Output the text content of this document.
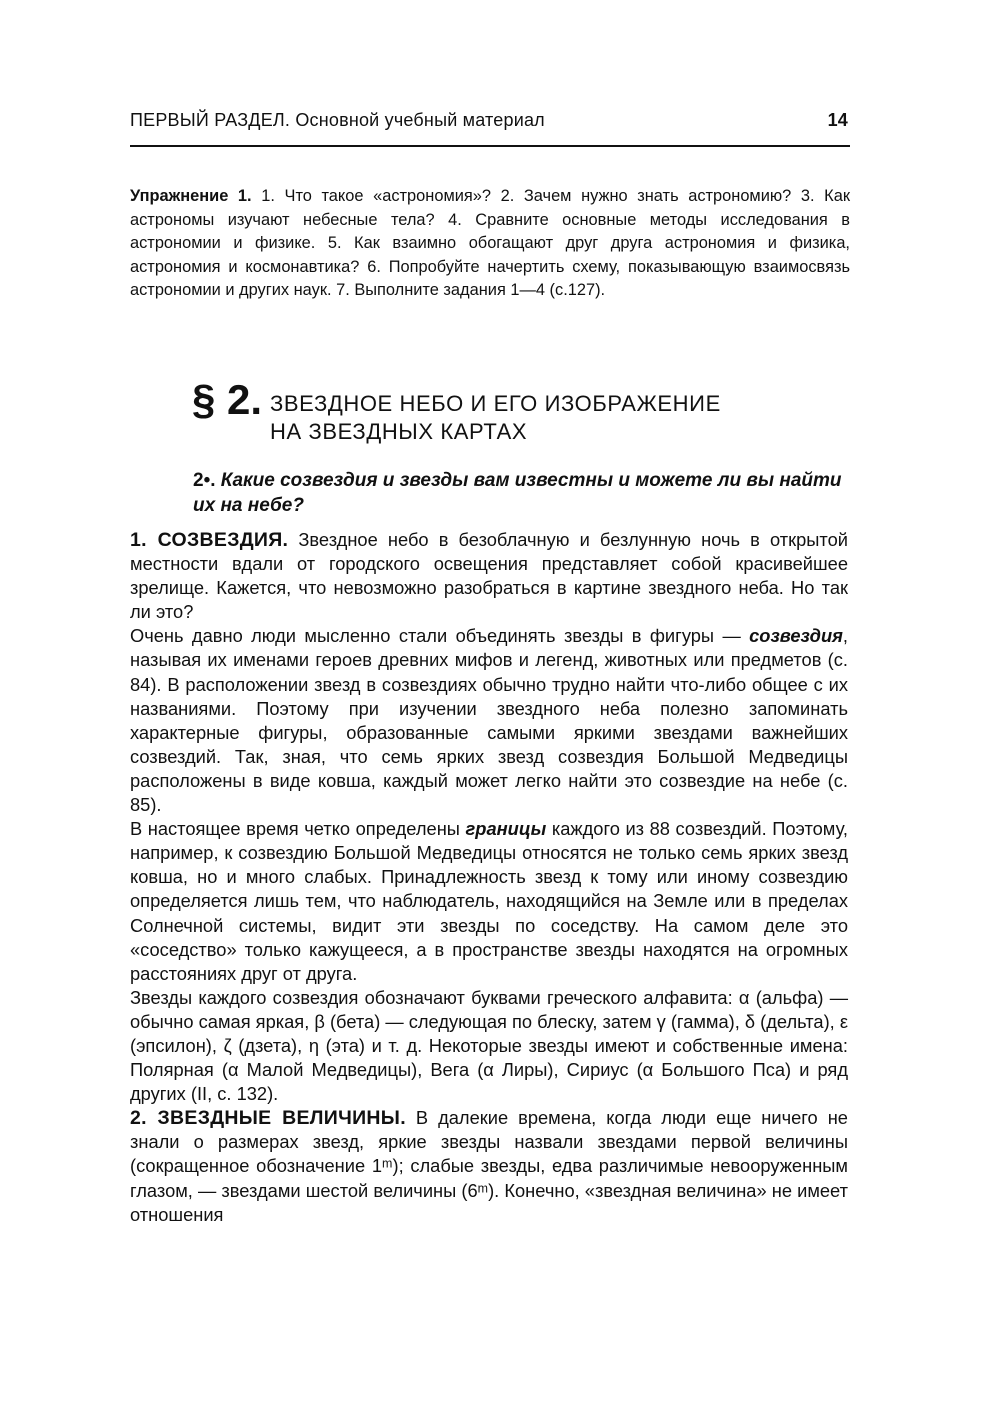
ПЕРВЫЙ РАЗДЕЛ. Основной учебный материал	14
Упражнение 1. 1. Что такое «астрономия»? 2. Зачем нужно знать астрономию? 3. Как астрономы изучают небесные тела? 4. Сравните основные методы исследования в астрономии и физике. 5. Как взаимно обогащают друг друга астрономия и физика, астрономия и космонавтика? 6. Попробуйте начертить схему, показывающую взаимосвязь астрономии и других наук. 7. Выполните задания 1—4 (с.127).
§ 2. ЗВЕЗДНОЕ НЕБО И ЕГО ИЗОБРАЖЕНИЕ
НА ЗВЕЗДНЫХ КАРТАХ
2•. Какие созвездия и звезды вам известны и можете ли вы найти их на небе?

1. СОЗВЕЗДИЯ. Звездное небо в безоблачную и безлунную ночь в открытой местности вдали от городского освещения представляет собой красивейшее зрелище. Кажется, что невозможно разобраться в картине звездного неба. Но так ли это?

Очень давно люди мысленно стали объединять звезды в фигуры — созвездия, называя их именами героев древних мифов и легенд, животных или предметов (с. 84). В расположении звезд в созвездиях обычно трудно найти что-либо общее с их названиями. Поэтому при изучении звездного неба полезно запоминать характерные фигуры, образованные самыми яркими звездами важнейших созвездий. Так, зная, что семь ярких звезд созвездия Большой Медведицы расположены в виде ковша, каждый может легко найти это созвездие на небе (с. 85).

В настоящее время четко определены границы каждого из 88 созвездий. Поэтому, например, к созвездию Большой Медведицы относятся не только семь ярких звезд ковша, но и много слабых. Принадлежность звезд к тому или иному созвездию определяется лишь тем, что наблюдатель, находящийся на Земле или в пределах Солнечной системы, видит эти звезды по соседству. На самом деле это «соседство» только кажущееся, а в пространстве звезды находятся на огромных расстояниях друг от друга.

Звезды каждого созвездия обозначают буквами греческого алфавита: α (альфа) — обычно самая яркая, β (бета) — следующая по блеску, затем γ (гамма), δ (дельта), ε (эпсилон), ζ (дзета), η (эта) и т. д. Некоторые звезды имеют и собственные имена: Полярная (α Малой Медведицы), Вега (α Лиры), Сириус (α Большого Пса) и ряд других (II, с. 132).

2. ЗВЕЗДНЫЕ ВЕЛИЧИНЫ. В далекие времена, когда люди еще ничего не знали о размерах звезд, яркие звезды назвали звездами первой величины (сокращенное обозначение 1ᵐ); слабые звезды, едва различимые невооруженным глазом, — звездами шестой величины (6ᵐ). Конечно, «звездная величина» не имеет отношения
